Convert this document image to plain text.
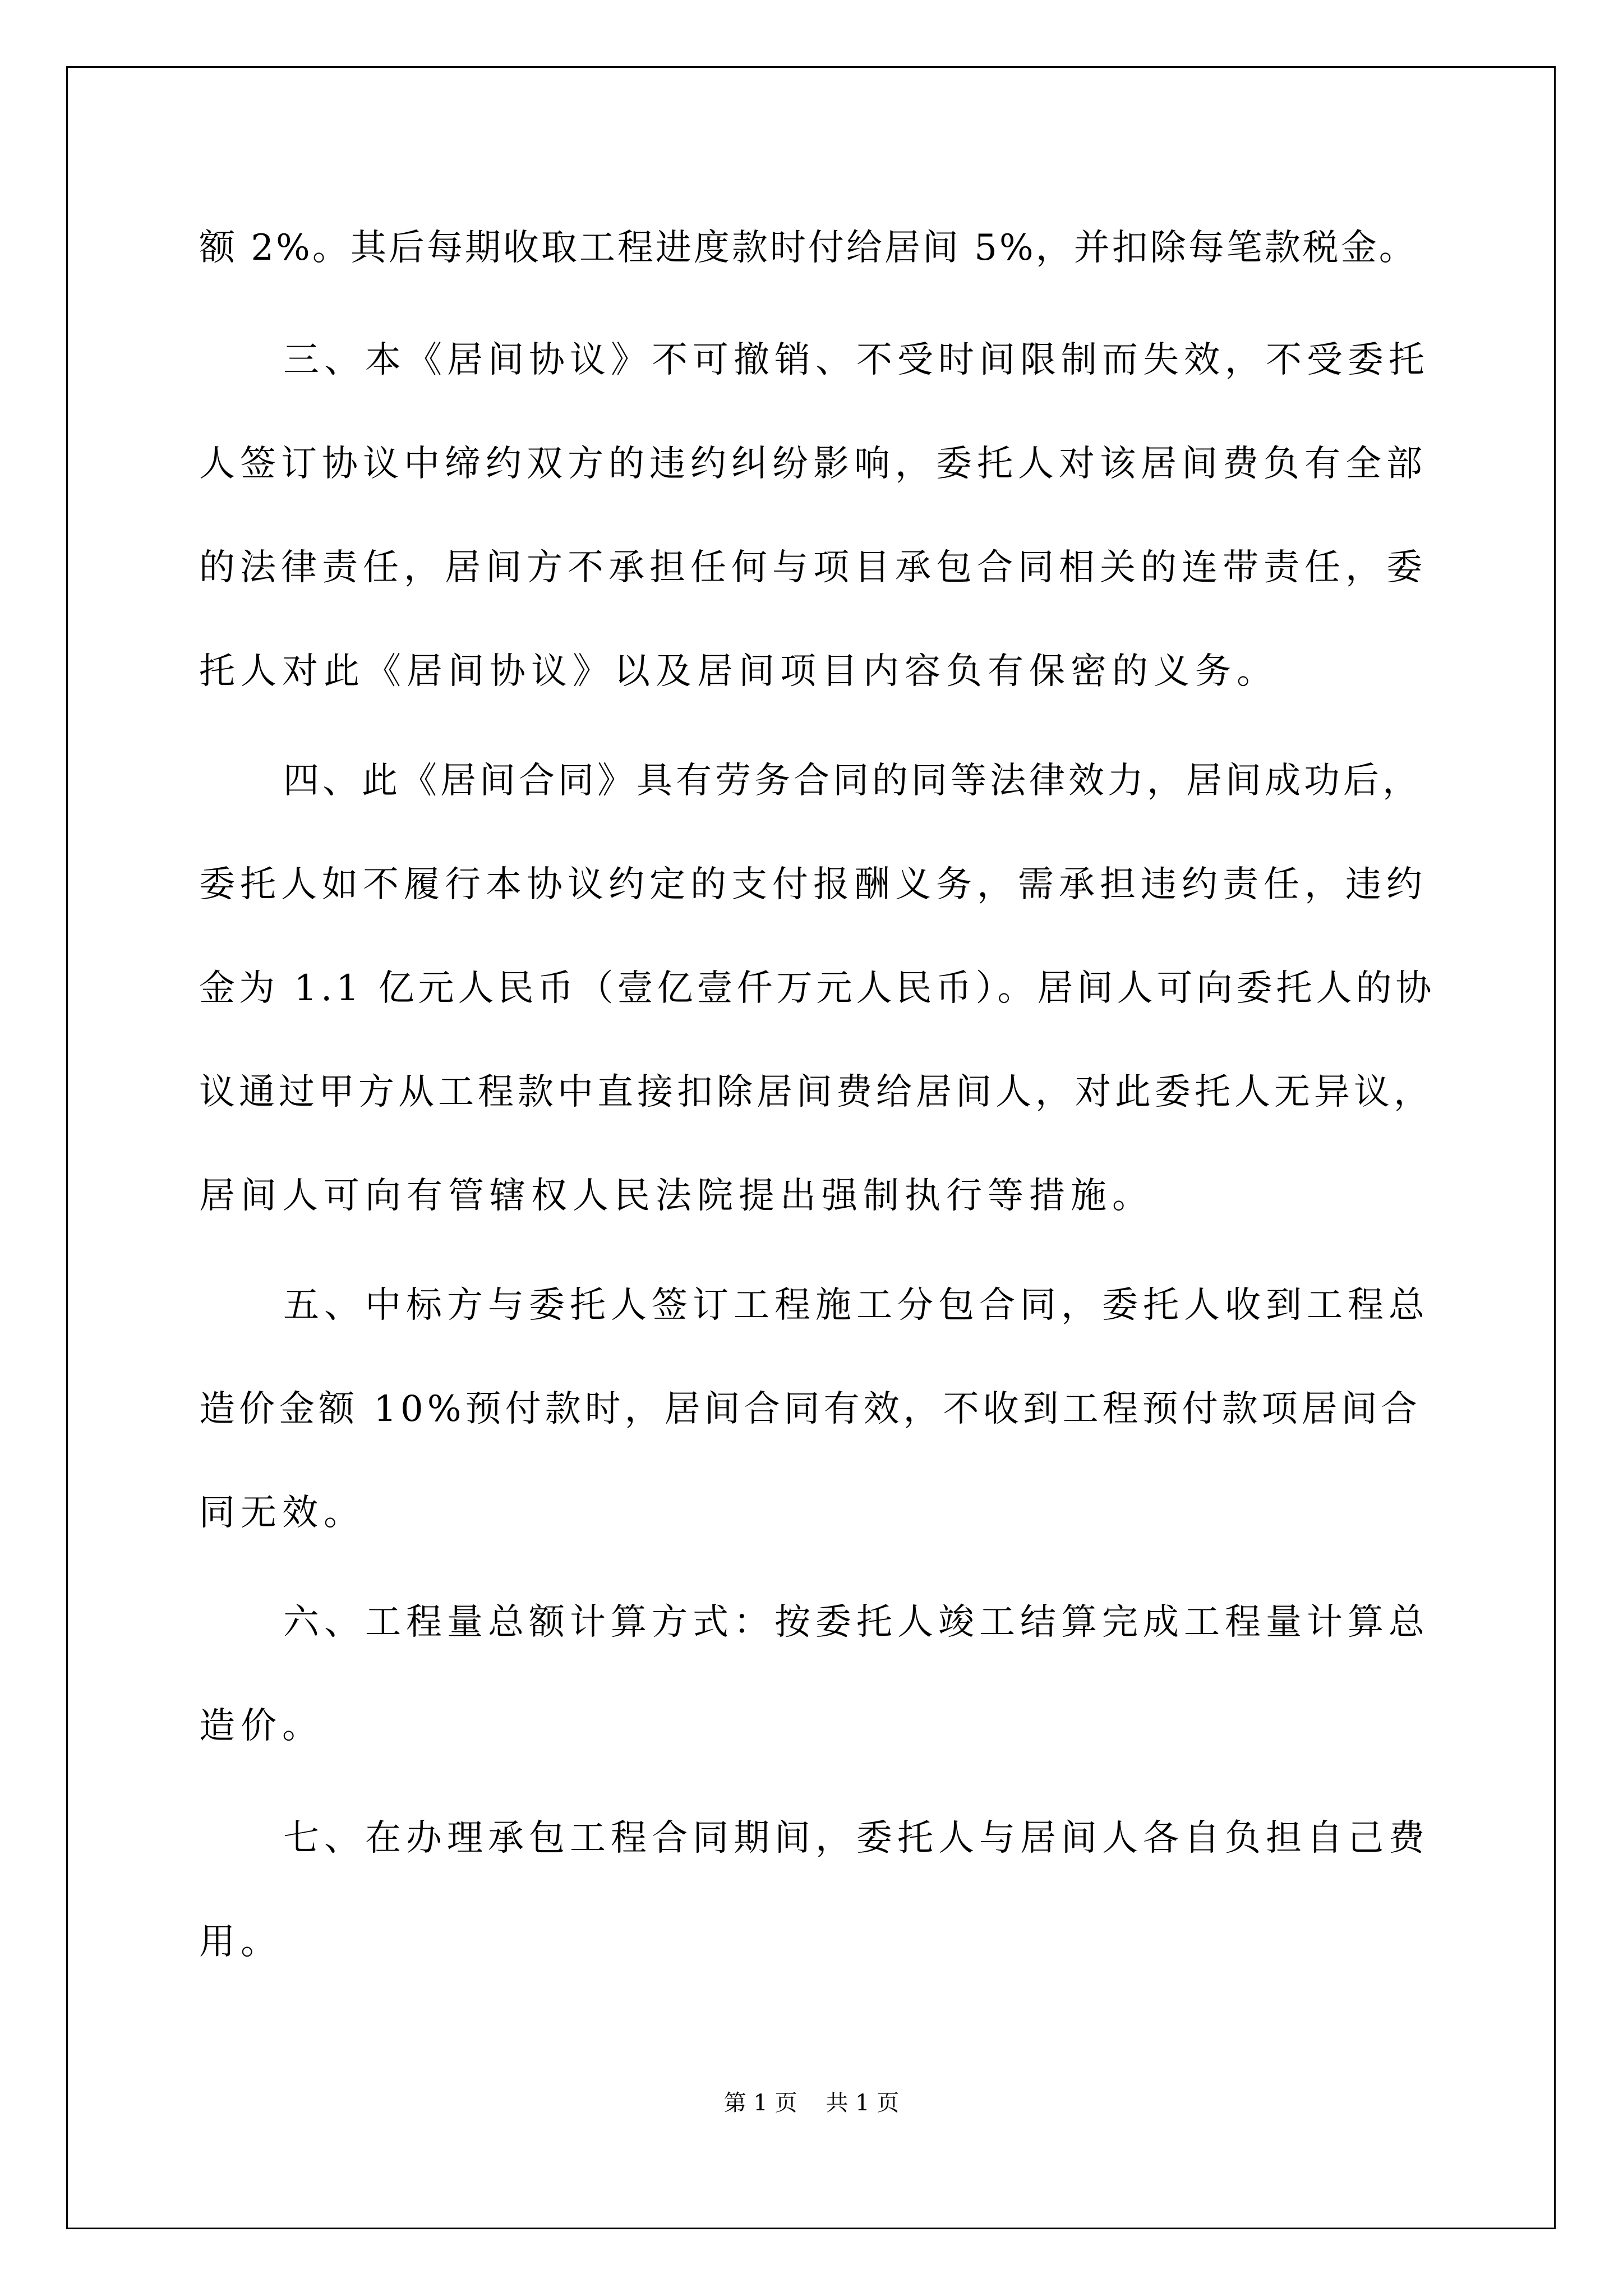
额 2%。其后每期收取工程进度款时付给居间 5%，并扣除每笔款税金。
三、本《居间协议》不可撤销、不受时间限制而失效，不受委托
人签订协议中缔约双方的违约纠纷影响，委托人对该居间费负有全部
的法律责任，居间方不承担任何与项目承包合同相关的连带责任，委
托人对此《居间协议》以及居间项目内容负有保密的义务。
四、此《居间合同》具有劳务合同的同等法律效力，居间成功后，
委托人如不履行本协议约定的支付报酬义务，需承担违约责任，违约
金为 1.1 亿元人民币（壹亿壹仟万元人民币）。居间人可向委托人的协
议通过甲方从工程款中直接扣除居间费给居间人，对此委托人无异议，
居间人可向有管辖权人民法院提出强制执行等措施。
五、中标方与委托人签订工程施工分包合同，委托人收到工程总
造价金额 10%预付款时，居间合同有效，不收到工程预付款项居间合
同无效。
六、工程量总额计算方式：按委托人竣工结算完成工程量计算总
造价。
七、在办理承包工程合同期间，委托人与居间人各自负担自己费
用。
第 1 页    共 1 页
